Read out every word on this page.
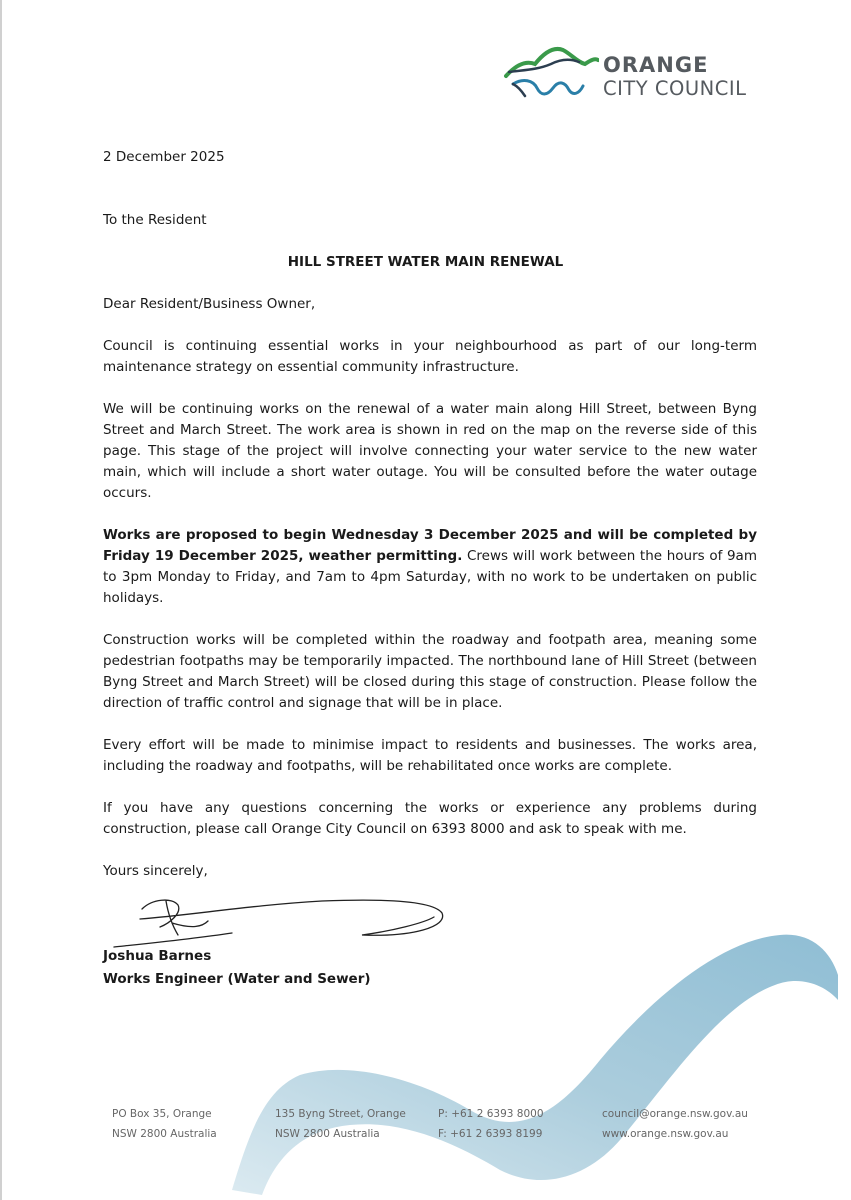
ORANGE
CITY COUNCIL
2 December 2025
To the Resident
HILL STREET WATER MAIN RENEWAL
Dear Resident/Business Owner,
Council is continuing essential works in your neighbourhood as part of our long-term maintenance strategy on essential community infrastructure.
We will be continuing works on the renewal of a water main along Hill Street, between Byng Street and March Street. The work area is shown in red on the map on the reverse side of this page. This stage of the project will involve connecting your water service to the new water main, which will include a short water outage. You will be consulted before the water outage occurs.
Works are proposed to begin Wednesday 3 December 2025 and will be completed by Friday 19 December 2025, weather permitting. Crews will work between the hours of 9am to 3pm Monday to Friday, and 7am to 4pm Saturday, with no work to be undertaken on public holidays.
Construction works will be completed within the roadway and footpath area, meaning some pedestrian footpaths may be temporarily impacted. The northbound lane of Hill Street (between Byng Street and March Street) will be closed during this stage of construction. Please follow the direction of traffic control and signage that will be in place.
Every effort will be made to minimise impact to residents and businesses. The works area, including the roadway and footpaths, will be rehabilitated once works are complete.
If you have any questions concerning the works or experience any problems during construction, please call Orange City Council on 6393 8000 and ask to speak with me.
Yours sincerely,
Joshua Barnes
Works Engineer (Water and Sewer)
PO Box 35, Orange
NSW 2800 Australia
135 Byng Street, Orange
NSW 2800 Australia
P: +61 2 6393 8000
F: +61 2 6393 8199
council@orange.nsw.gov.au
www.orange.nsw.gov.au
